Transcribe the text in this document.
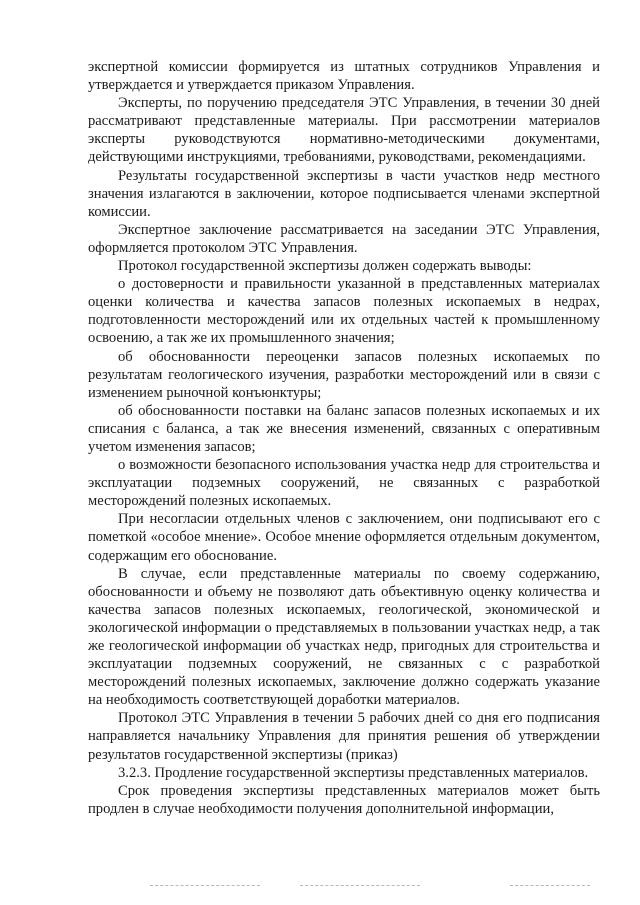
экспертной комиссии формируется из штатных сотрудников Управления и утверждается и утверждается приказом Управления.

Эксперты, по поручению председателя ЭТС Управления, в течении 30 дней рассматривают представленные материалы. При рассмотрении материалов эксперты руководствуются нормативно-методическими документами, действующими инструкциями, требованиями, руководствами, рекомендациями.

Результаты государственной экспертизы в части участков недр местного значения излагаются в заключении, которое подписывается членами экспертной комиссии.

Экспертное заключение рассматривается на заседании ЭТС Управления, оформляется протоколом ЭТС Управления.

Протокол государственной экспертизы должен содержать выводы:

о достоверности и правильности указанной в представленных материалах оценки количества и качества запасов полезных ископаемых в недрах, подготовленности месторождений или их отдельных частей к промышленному освоению, а так же их промышленного значения;

об обоснованности переоценки запасов полезных ископаемых по результатам геологического изучения, разработки месторождений или в связи с изменением рыночной конъюнктуры;

об обоснованности поставки на баланс запасов полезных ископаемых и их списания с баланса, а так же внесения изменений, связанных с оперативным учетом изменения запасов;

о возможности безопасного использования участка недр для строительства и эксплуатации подземных сооружений, не связанных с разработкой месторождений полезных ископаемых.

При несогласии отдельных членов с заключением, они подписывают его с пометкой «особое мнение». Особое мнение оформляется отдельным документом, содержащим его обоснование.

В случае, если представленные материалы по своему содержанию, обоснованности и объему не позволяют дать объективную оценку количества и качества запасов полезных ископаемых, геологической, экономической и экологической информации о представляемых в пользовании участках недр, а так же геологической информации об участках недр, пригодных для строительства и эксплуатации подземных сооружений, не связанных с с разработкой месторождений полезных ископаемых, заключение должно содержать указание на необходимость соответствующей доработки материалов.

Протокол ЭТС Управления в течении 5 рабочих дней со дня его подписания направляется начальнику Управления для принятия решения об утверждении результатов государственной экспертизы (приказ)

3.2.3. Продление государственной экспертизы представленных материалов.

Срок проведения экспертизы представленных материалов может быть продлен в случае необходимости получения дополнительной информации,
